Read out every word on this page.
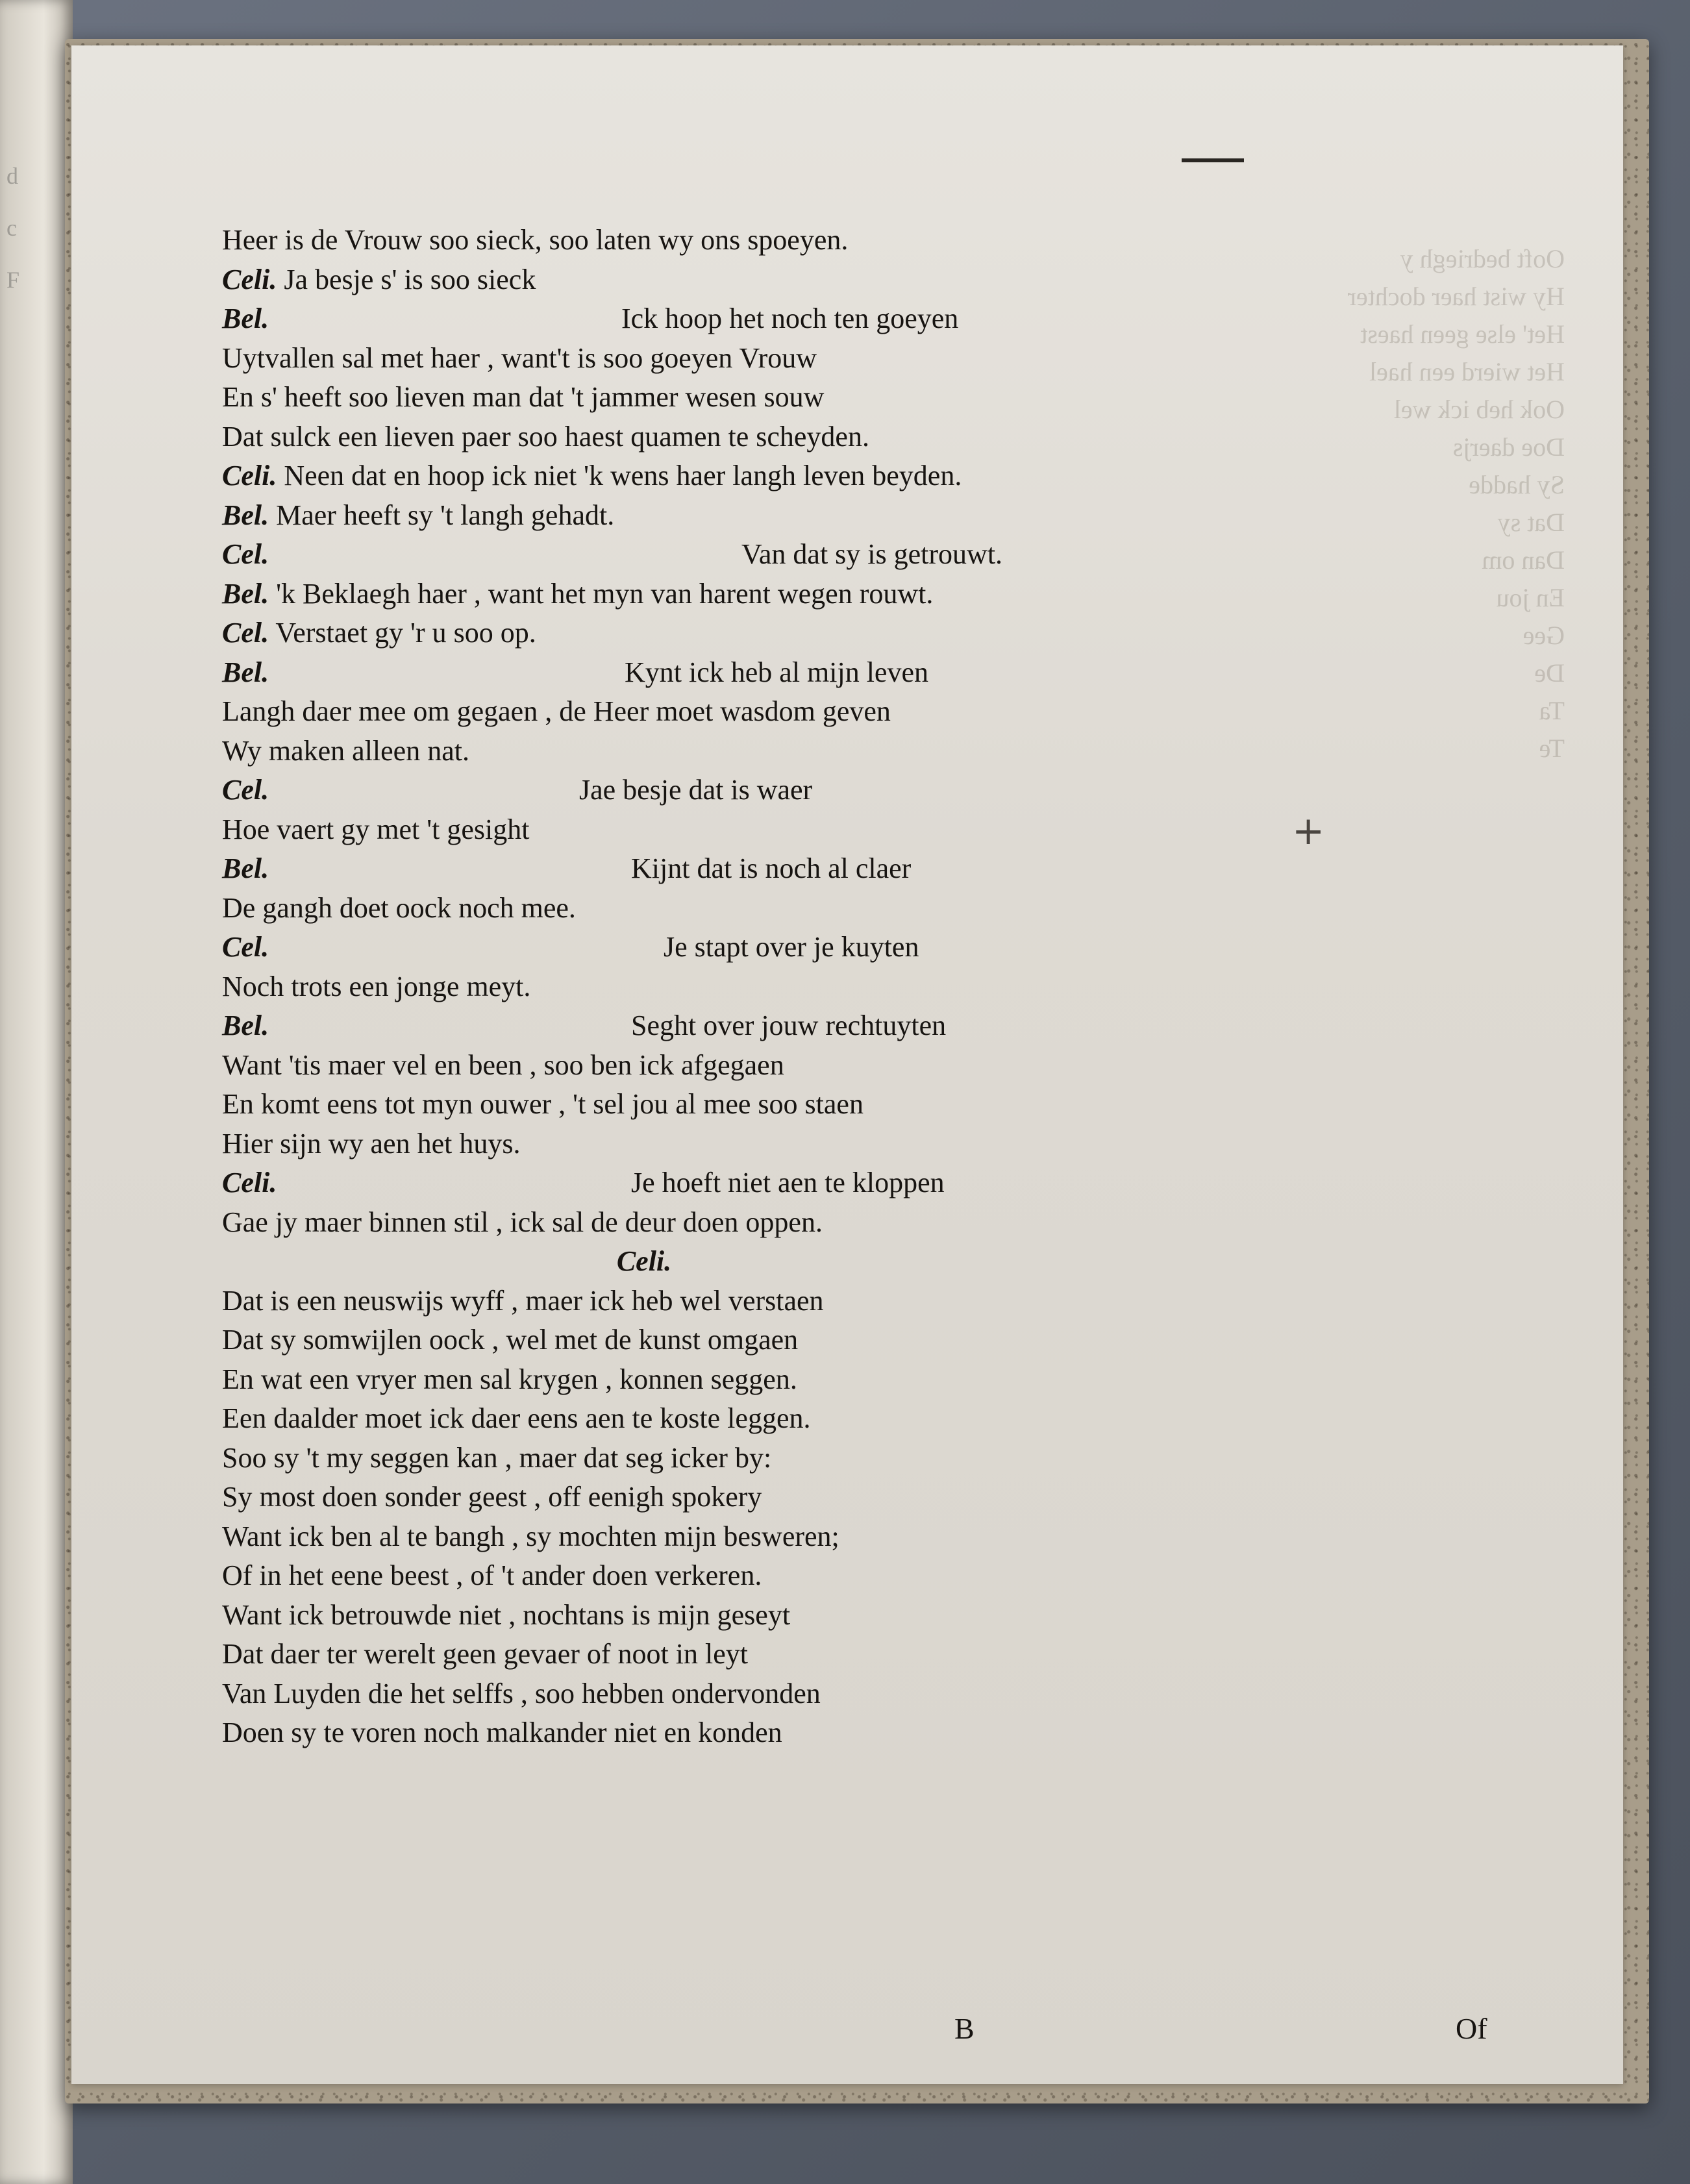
d
c
F
Ooft bedriegh y
Hy wist haer dochter
Het' else geen haest
Het wierd een hael
Ook heb ick wel
Doe daerjs
Sy hadde
Dat sy
Dan om
En jou
Gee
De
Ta
Te
+
Heer is de Vrouw soo sieck, soo laten wy ons spoeyen.
Celi. Ja besje s' is soo sieck
Bel.	Ick hoop het noch ten goeyen
Uytvallen sal met haer , want't is soo goeyen Vrouw
En s' heeft soo lieven man dat 't jammer wesen souw
Dat sulck een lieven paer soo haest quamen te scheyden.
Celi. Neen dat en hoop ick niet 'k wens haer langh leven beyden.
Bel. Maer heeft sy 't langh gehadt.
Cel.	Van dat sy is getrouwt.
Bel. 'k Beklaegh haer , want het myn van harent wegen rouwt.
Cel. Verstaet gy 'r u soo op.
Bel.	Kynt ick heb al mijn leven
Langh daer mee om gegaen , de Heer moet wasdom geven
Wy maken alleen nat.
Cel.	Jae besje dat is waer
Hoe vaert gy met 't gesight
Bel.	Kijnt dat is noch al claer
De gangh doet oock noch mee.
Cel.	Je stapt over je kuyten
Noch trots een jonge meyt.
Bel.	Seght over jouw rechtuyten
Want 'tis maer vel en been , soo ben ick afgegaen
En komt eens tot myn ouwer , 't sel jou al mee soo staen
Hier sijn wy aen het huys.
Celi.	Je hoeft niet aen te kloppen
Gae jy maer binnen stil , ick sal de deur doen oppen.
Celi.
Dat is een neuswijs wyff , maer ick heb wel verstaen
Dat sy somwijlen oock , wel met de kunst omgaen
En wat een vryer men sal krygen , konnen seggen.
Een daalder moet ick daer eens aen te koste leggen.
Soo sy 't my seggen kan , maer dat seg icker by:
Sy most doen sonder geest , off eenigh spokery
Want ick ben al te bangh , sy mochten mijn besweren;
Of in het eene beest , of 't ander doen verkeren.
Want ick betrouwde niet , nochtans is mijn geseyt
Dat daer ter werelt geen gevaer of noot in leyt
Van Luyden die het selffs , soo hebben ondervonden
Doen sy te voren noch malkander niet en konden
B	Of
